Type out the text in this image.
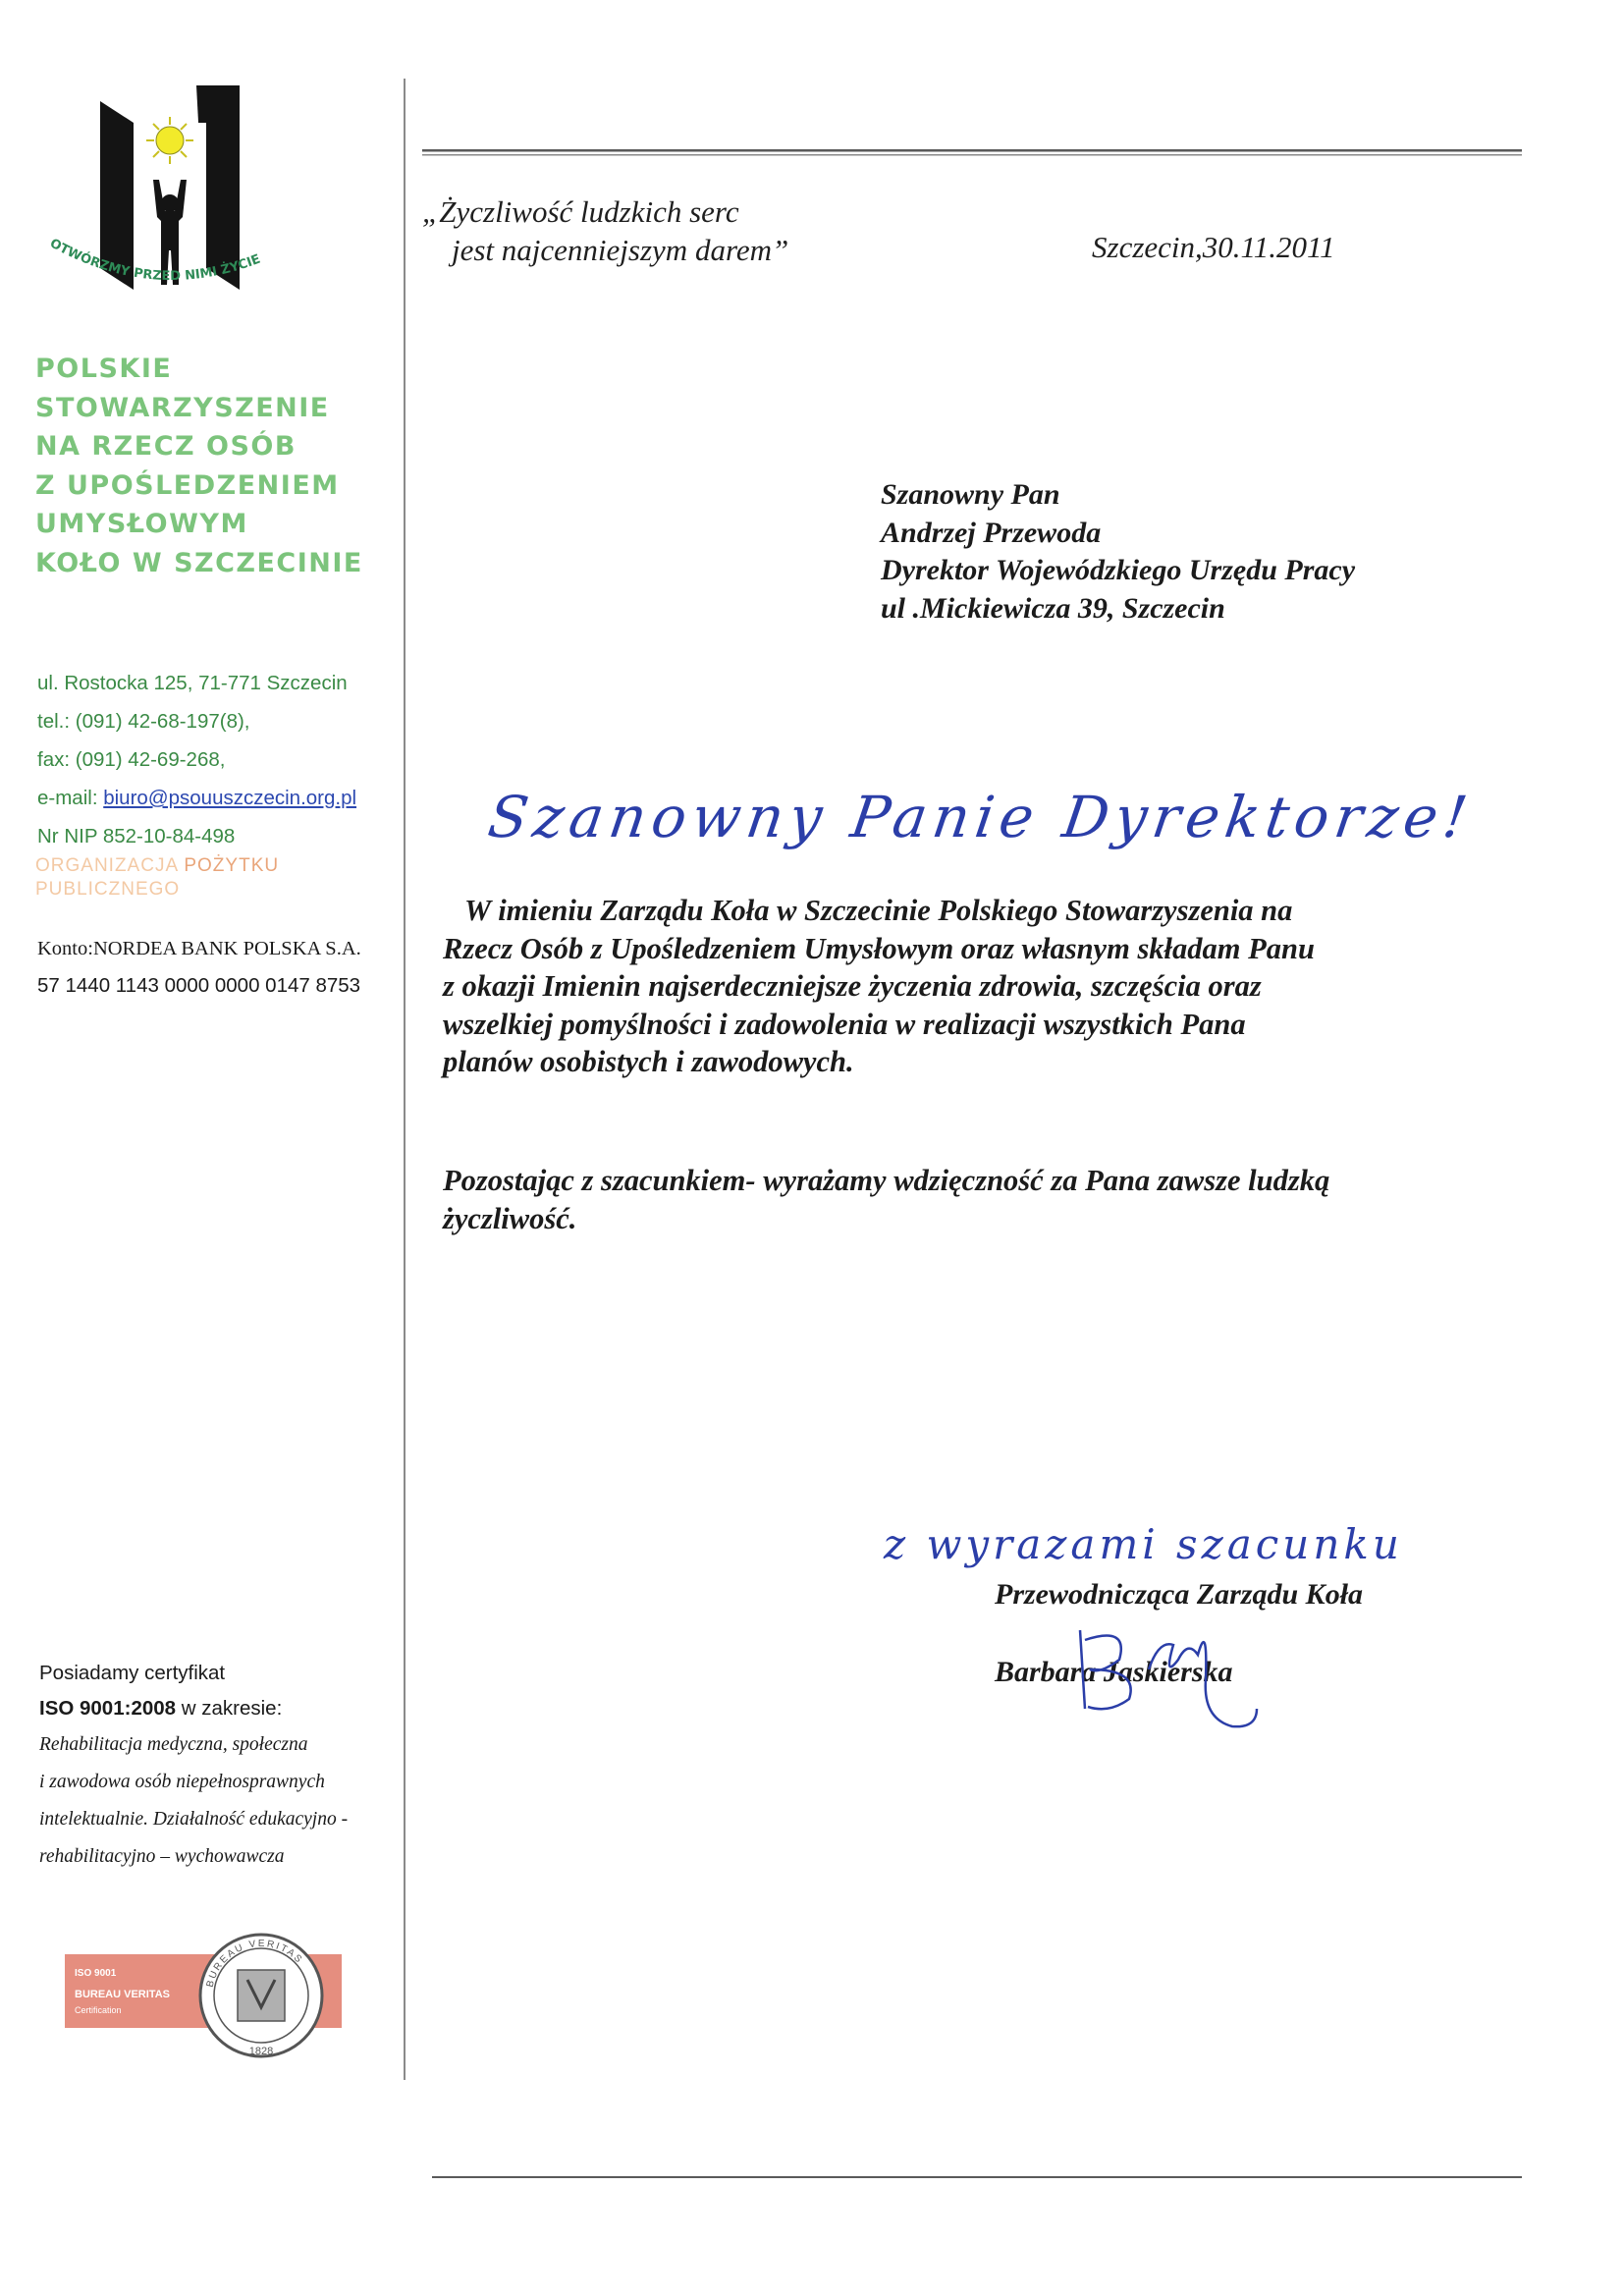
OTWÓRZMY PRZED NIMI ŻYCIE
POLSKIE
STOWARZYSZENIE
NA RZECZ OSÓB
Z UPOŚLEDZENIEM
UMYSŁOWYM
KOŁO W SZCZECINIE
ul. Rostocka 125, 71-771 Szczecin
tel.: (091) 42-68-197(8),
fax: (091) 42-69-268,
e-mail: biuro@psouuszczecin.org.pl
Nr NIP 852-10-84-498
ORGANIZACJA POŻYTKU
PUBLICZNEGO
Konto:NORDEA BANK POLSKA S.A.
57 1440 1143 0000 0000 0147 8753
Posiadamy certyfikat
ISO 9001:2008 w zakresie:
Rehabilitacja medyczna, społeczna
i zawodowa osób niepełnosprawnych
intelektualnie. Działalność edukacyjno -
rehabilitacyjno – wychowawcza
ISO 9001
BUREAU VERITAS
Certification
1828
BUREAU VERITAS
„Życzliwość ludzkich serc
jest najcenniejszym darem”	Szczecin,30.11.2011
Szanowny Pan
Andrzej Przewoda
Dyrektor Wojewódzkiego Urzędu Pracy
ul .Mickiewicza 39, Szczecin
Szanowny Panie Dyrektorze!
W imieniu Zarządu Koła w Szczecinie Polskiego Stowarzyszenia na
Rzecz Osób z Upośledzeniem Umysłowym oraz własnym składam Panu
z okazji Imienin najserdeczniejsze życzenia zdrowia, szczęścia oraz
wszelkiej pomyślności i zadowolenia w realizacji wszystkich Pana
planów osobistych i zawodowych.
Pozostając z szacunkiem- wyrażamy wdzięczność za Pana zawsze ludzką
życzliwość.
z wyrazami szacunku
Przewodnicząca Zarządu Koła
Barbara Jaskierska
